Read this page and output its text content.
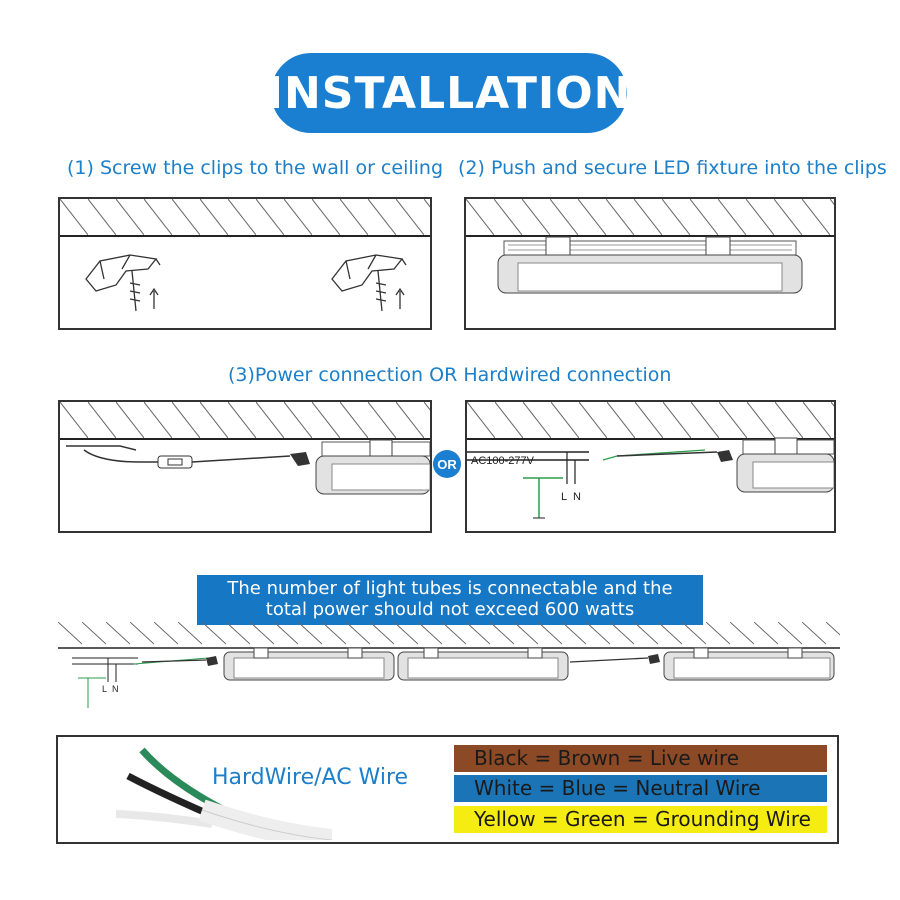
INSTALLATION
(1) Screw the clips to the wall or ceiling (2) Push and secure LED fixture into the clips
(3)Power connection OR Hardwired connection
OR	AC100-277V
L N
The number of light tubes is connectable and the
total power should not exceed 600 watts
L N
HardWire/AC Wire
Black = Brown = Live wire
White = Blue = Neutral Wire
Yellow = Green = Grounding Wire
